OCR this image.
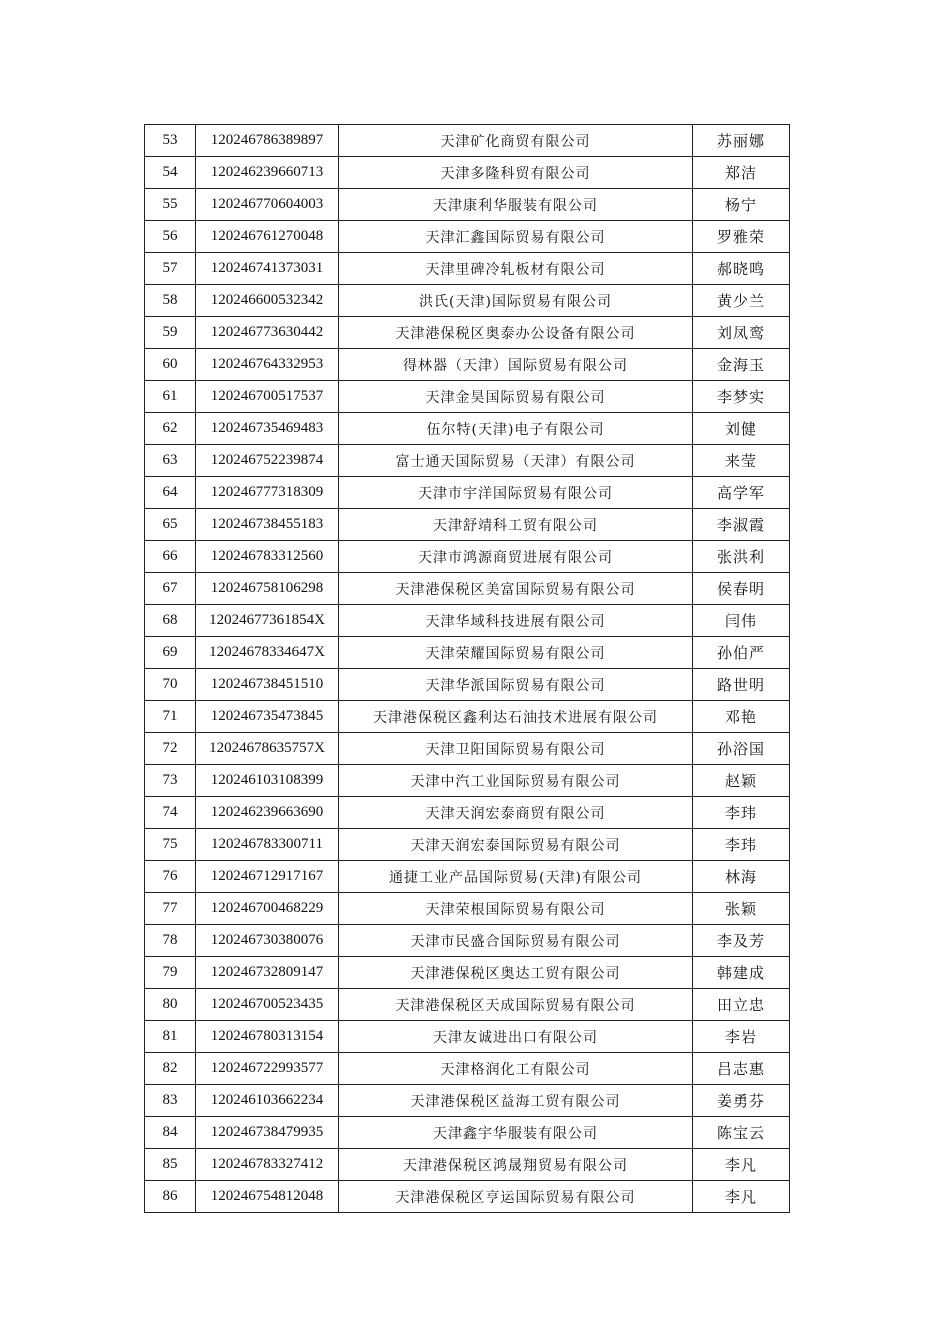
53	120246786389897	天津矿化商贸有限公司	苏丽娜
54	120246239660713	天津多隆科贸有限公司	郑洁
55	120246770604003	天津康利华服装有限公司	杨宁
56	120246761270048	天津汇鑫国际贸易有限公司	罗雅荣
57	120246741373031	天津里碑冷轧板材有限公司	郝晓鸣
58	120246600532342	洪氏(天津)国际贸易有限公司	黄少兰
59	120246773630442	天津港保税区奥泰办公设备有限公司	刘凤鸾
60	120246764332953	得林器（天津）国际贸易有限公司	金海玉
61	120246700517537	天津金昊国际贸易有限公司	李梦实
62	120246735469483	伍尔特(天津)电子有限公司	刘健
63	120246752239874	富士通天国际贸易（天津）有限公司	来莹
64	120246777318309	天津市宇洋国际贸易有限公司	高学军
65	120246738455183	天津舒靖科工贸有限公司	李淑霞
66	120246783312560	天津市鸿源商贸进展有限公司	张洪利
67	120246758106298	天津港保税区美富国际贸易有限公司	侯春明
68	12024677361854X	天津华域科技进展有限公司	闫伟
69	12024678334647X	天津荣耀国际贸易有限公司	孙伯严
70	120246738451510	天津华派国际贸易有限公司	路世明
71	120246735473845	天津港保税区鑫利达石油技术进展有限公司	邓艳
72	12024678635757X	天津卫阳国际贸易有限公司	孙浴国
73	120246103108399	天津中汽工业国际贸易有限公司	赵颖
74	120246239663690	天津天润宏泰商贸有限公司	李玮
75	120246783300711	天津天润宏泰国际贸易有限公司	李玮
76	120246712917167	通捷工业产品国际贸易(天津)有限公司	林海
77	120246700468229	天津荣根国际贸易有限公司	张颖
78	120246730380076	天津市民盛合国际贸易有限公司	李及芳
79	120246732809147	天津港保税区奥达工贸有限公司	韩建成
80	120246700523435	天津港保税区天成国际贸易有限公司	田立忠
81	120246780313154	天津友诚进出口有限公司	李岩
82	120246722993577	天津格润化工有限公司	吕志惠
83	120246103662234	天津港保税区益海工贸有限公司	姜勇芬
84	120246738479935	天津鑫宇华服装有限公司	陈宝云
85	120246783327412	天津港保税区鸿晟翔贸易有限公司	李凡
86	120246754812048	天津港保税区亨运国际贸易有限公司	李凡
